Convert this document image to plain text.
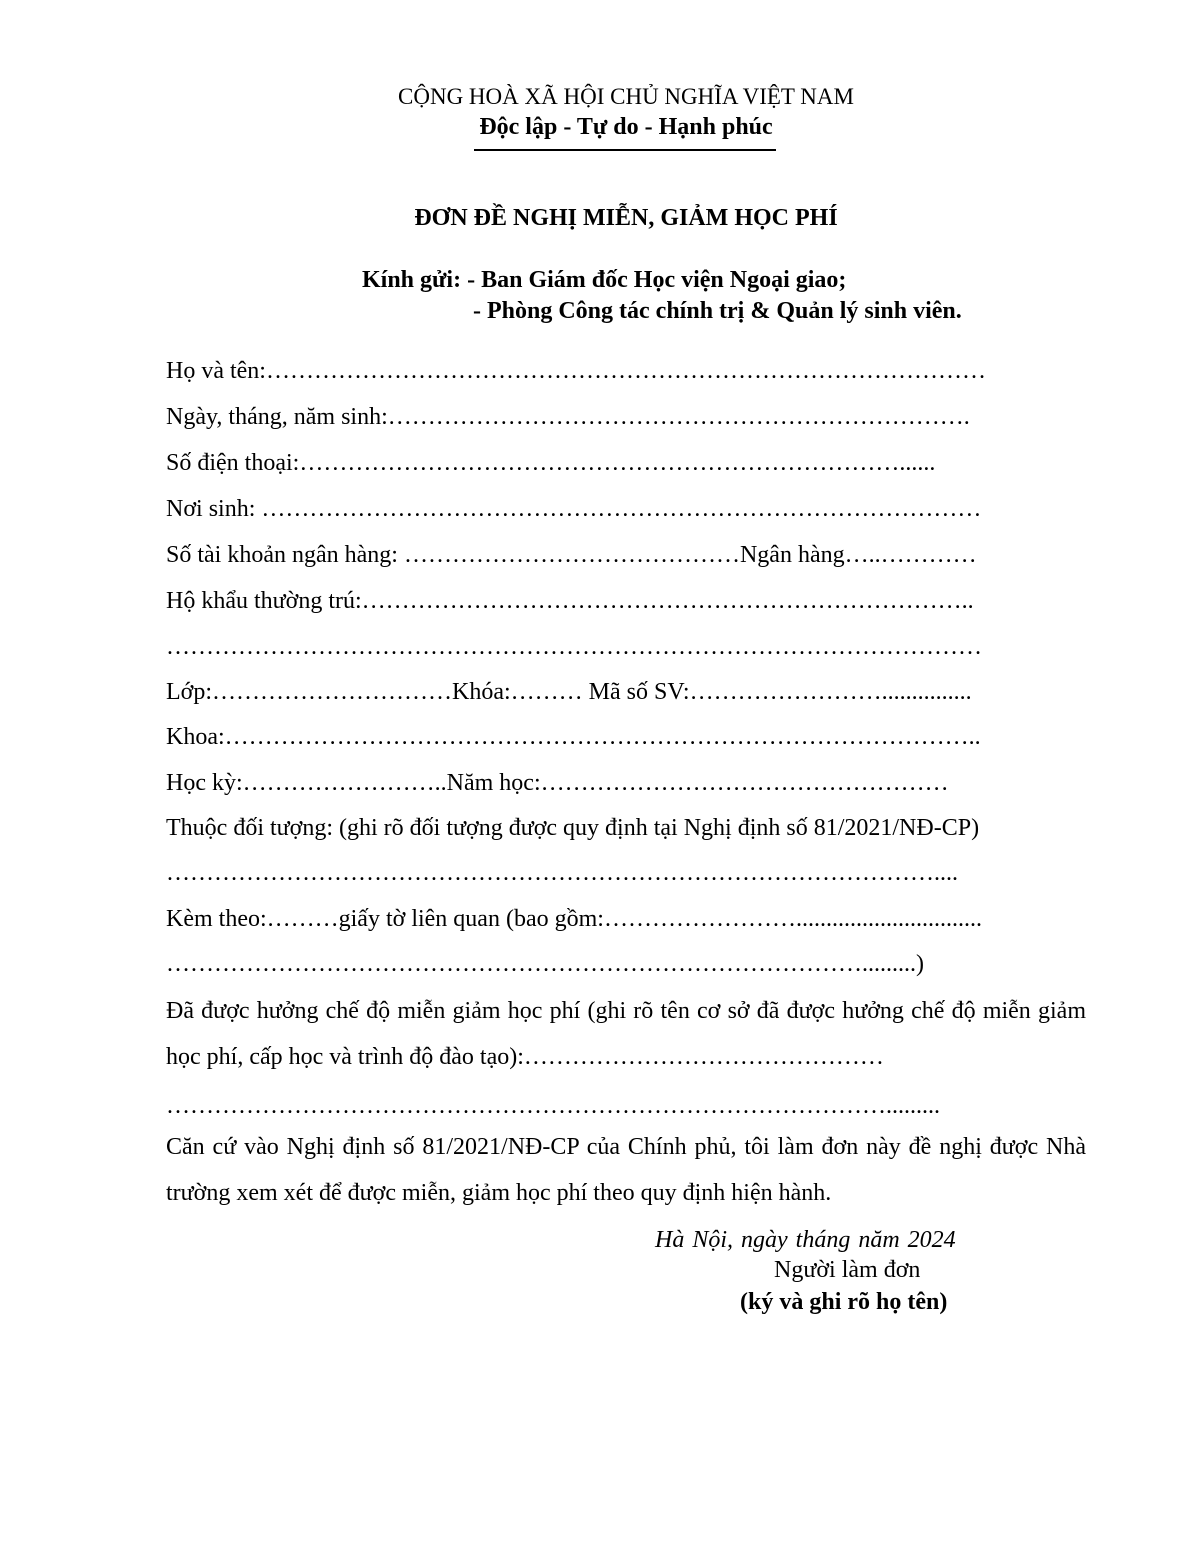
CỘNG HOÀ XÃ HỘI CHỦ NGHĨA VIỆT NAM
Độc lập - Tự do - Hạnh phúc
ĐƠN ĐỀ NGHỊ MIỄN, GIẢM HỌC PHÍ
Kính gửi: - Ban Giám đốc Học viện Ngoại giao;
- Phòng Công tác chính trị & Quản lý sinh viên.
Họ và tên:………………………………………………………………………………
Ngày, tháng, năm sinh:……………………………………………………………….
Số điện thoại:…………………………………………………………………......
Nơi sinh: ………………………………………………………………………………
Số tài khoản ngân hàng: ……………………………………Ngân hàng…..…………
Hộ khẩu thường trú:…………………………………………………………………..
…………………………………………………………………………………………
Lớp:…………………………Khóa:……… Mã số SV:……………………...............
Khoa:…………………………………………………………………………………..
Học kỳ:……………………..Năm học:……………………………………………
Thuộc đối tượng: (ghi rõ đối tượng được quy định tại Nghị định số 81/2021/NĐ-CP)
……………………………………………………………………………………....
Kèm theo:………giấy tờ liên quan (bao gồm:……………………...............................
…………………………………………………………………………….........)
Đã được hưởng chế độ miễn giảm học phí (ghi rõ tên cơ sở đã được hưởng chế độ miễn giảm học phí, cấp học và trình độ đào tạo):………………………………………
……………………………………………………………………………….........
Căn cứ vào Nghị định số 81/2021/NĐ-CP của Chính phủ, tôi làm đơn này đề nghị được Nhà trường xem xét để được miễn, giảm học phí theo quy định hiện hành.
Hà Nội, ngày tháng năm 2024
Người làm đơn
(ký và ghi rõ họ tên)
